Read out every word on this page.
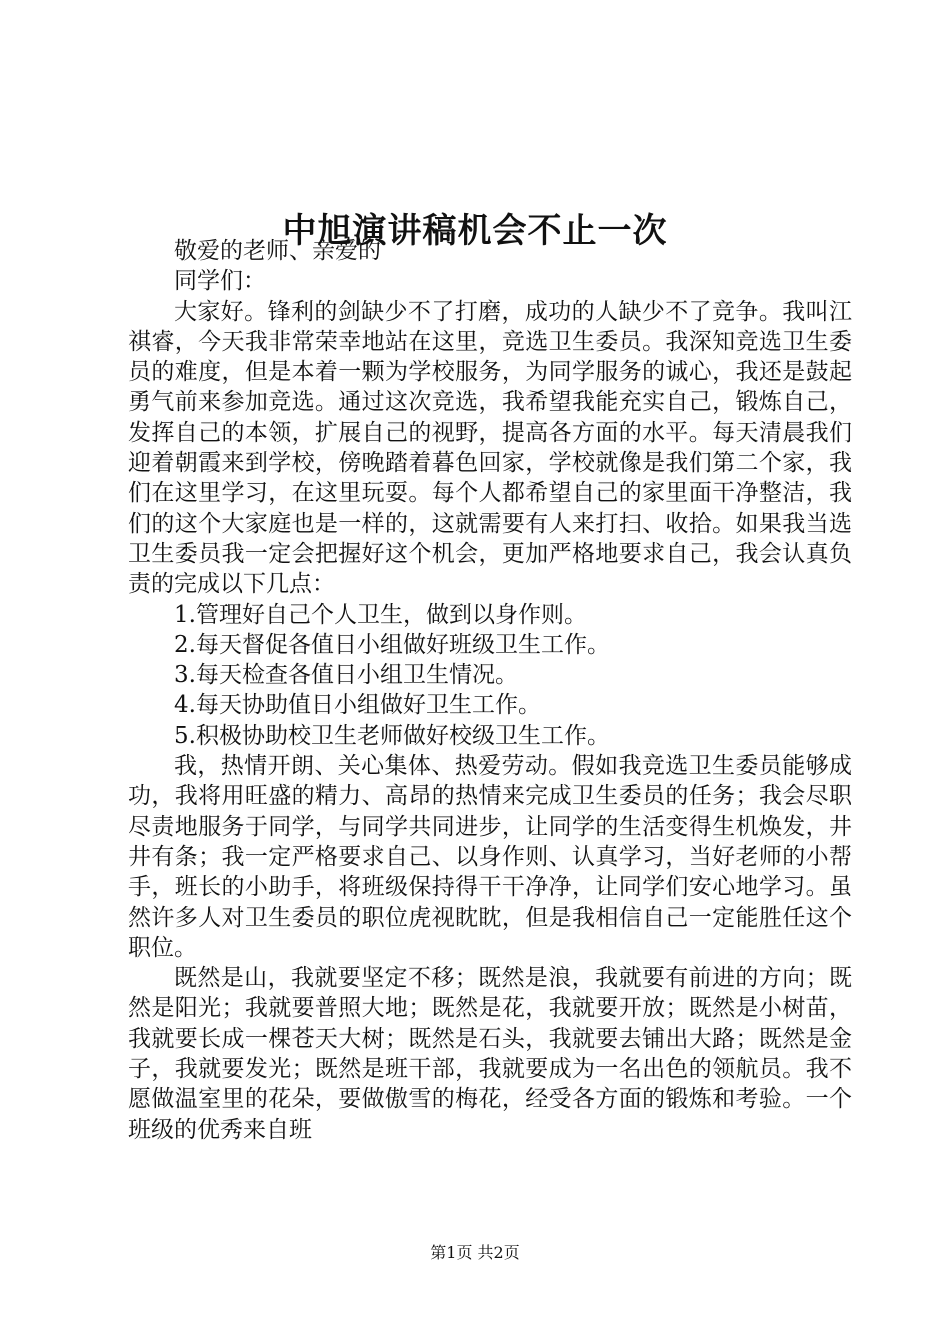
中旭演讲稿机会不止一次

敬爱的老师、亲爱的

同学们：

大家好。锋利的剑缺少不了打磨，成功的人缺少不了竞争。我叫江祺睿，今天我非常荣幸地站在这里，竞选卫生委员。我深知竞选卫生委员的难度，但是本着一颗为学校服务，为同学服务的诚心，我还是鼓起勇气前来参加竞选。通过这次竞选，我希望我能充实自己，锻炼自己，发挥自己的本领，扩展自己的视野，提高各方面的水平。每天清晨我们迎着朝霞来到学校，傍晚踏着暮色回家，学校就像是我们第二个家，我们在这里学习，在这里玩耍。每个人都希望自己的家里面干净整洁，我们的这个大家庭也是一样的，这就需要有人来打扫、收拾。如果我当选卫生委员我一定会把握好这个机会，更加严格地要求自己，我会认真负责的完成以下几点：

1.管理好自己个人卫生，做到以身作则。

2.每天督促各值日小组做好班级卫生工作。

3.每天检查各值日小组卫生情况。

4.每天协助值日小组做好卫生工作。

5.积极协助校卫生老师做好校级卫生工作。

我，热情开朗、关心集体、热爱劳动。假如我竞选卫生委员能够成功，我将用旺盛的精力、高昂的热情来完成卫生委员的任务；我会尽职尽责地服务于同学，与同学共同进步，让同学的生活变得生机焕发，井井有条；我一定严格要求自己、以身作则、认真学习，当好老师的小帮手，班长的小助手，将班级保持得干干净净，让同学们安心地学习。虽然许多人对卫生委员的职位虎视眈眈，但是我相信自己一定能胜任这个职位。

既然是山，我就要坚定不移；既然是浪，我就要有前进的方向；既然是阳光；我就要普照大地；既然是花，我就要开放；既然是小树苗，我就要长成一棵苍天大树；既然是石头，我就要去铺出大路；既然是金子，我就要发光；既然是班干部，我就要成为一名出色的领航员。我不愿做温室里的花朵，要做傲雪的梅花，经受各方面的锻炼和考验。一个班级的优秀来自班

第1页 共2页
